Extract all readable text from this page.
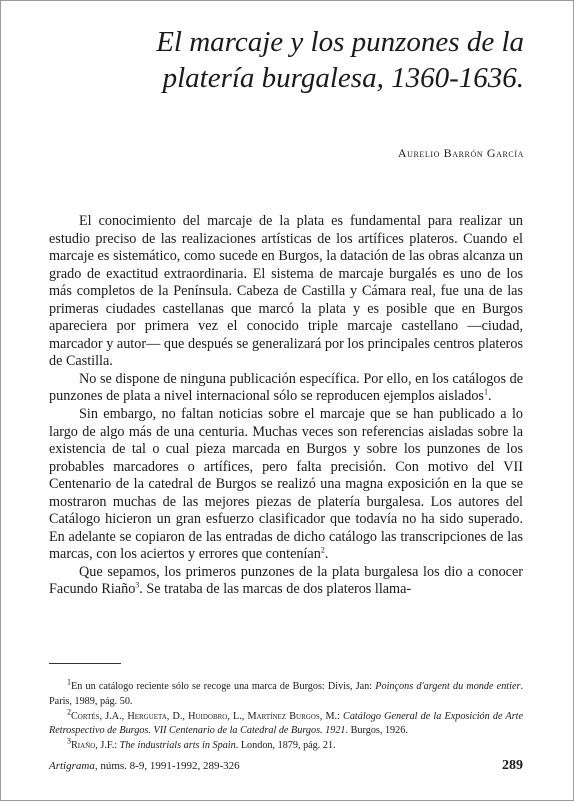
El marcaje y los punzones de la platería burgalesa, 1360-1636.

Aurelio Barrón García

El conocimiento del marcaje de la plata es fundamental para realizar un estudio preciso de las realizaciones artísticas de los artífices plateros. Cuando el marcaje es sistemático, como sucede en Burgos, la datación de las obras alcanza un grado de exactitud extraordinaria. El sistema de marcaje burgalés es uno de los más completos de la Península. Cabeza de Castilla y Cámara real, fue una de las primeras ciudades castellanas que marcó la plata y es posible que en Burgos apareciera por primera vez el conocido triple marcaje castellano —ciudad, marcador y autor— que después se generalizará por los principales centros plateros de Castilla.

No se dispone de ninguna publicación específica. Por ello, en los catálogos de punzones de plata a nivel internacional sólo se reproducen ejemplos aislados$^1$.

Sin embargo, no faltan noticias sobre el marcaje que se han publicado a lo largo de algo más de una centuria. Muchas veces son referencias aisladas sobre la existencia de tal o cual pieza marcada en Burgos y sobre los punzones de los probables marcadores o artífices, pero falta precisión. Con motivo del VII Centenario de la catedral de Burgos se realizó una magna exposición en la que se mostraron muchas de las mejores piezas de platería burgalesa. Los autores del Catálogo hicieron un gran esfuerzo clasificador que todavía no ha sido superado. En adelante se copiaron de las entradas de dicho catálogo las transcripciones de las marcas, con los aciertos y errores que contenían$^2$.

Que sepamos, los primeros punzones de la plata burgalesa los dio a conocer Facundo Riaño$^3$. Se trataba de las marcas de dos plateros llama-

$^1$En un catálogo reciente sólo se recoge una marca de Burgos: Divis, Jan: Poinçons d'argent du monde entier. Paris, 1989, pág. 50.

$^2$Cortés, J.A., Hergueta, D., Huidobro, L., Martínez Burgos, M.: Catálogo General de la Exposición de Arte Retrospectivo de Burgos. VII Centenario de la Catedral de Burgos. 1921. Burgos, 1926.

$^3$Riaño, J.F.: The industrials arts in Spain. London, 1879, pág. 21.

Artigrama, núms. 8-9, 1991-1992, 289-326	289
